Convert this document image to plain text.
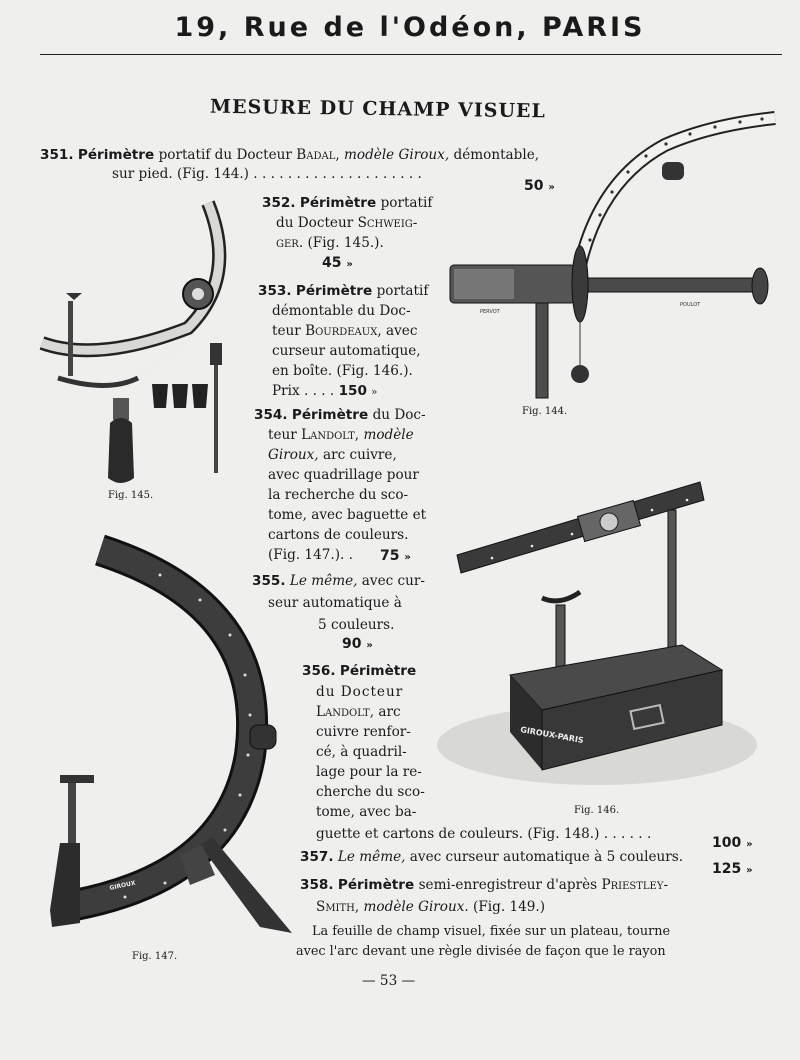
19, Rue de l'Odéon, PARIS
MESURE DU CHAMP VISUEL
351. Périmètre portatif du Docteur Badal, modèle Giroux, démontable,
sur pied. (Fig. 144.) . . . . . . . . . . . . . . . . . . . .
50 »
352. Périmètre portatif
du Docteur Schweig-
ger. (Fig. 145.).
45 »
353. Périmètre portatif
démontable du Doc-
teur Bourdeaux, avec
curseur automatique,
en boîte. (Fig. 146.).
Prix . . . . 150 »
354. Périmètre du Doc-
teur Landolt, modèle
Giroux, arc cuivre,
avec quadrillage pour
la recherche du sco-
tome, avec baguette et
cartons de couleurs.
(Fig. 147.). . 75 »
355. Le même, avec cur-
seur automatique à
5 couleurs.
90 »
356. Périmètre
du Docteur
Landolt, arc
cuivre renfor-
cé, à quadril-
lage pour la re-
cherche du sco-
tome, avec ba-
guette et cartons de couleurs. (Fig. 148.) . . . . . .
100 »
357. Le même, avec curseur automatique à 5 couleurs.
125 »
358. Périmètre semi-enregistreur d'après Priestley-
Smith, modèle Giroux. (Fig. 149.)
La feuille de champ visuel, fixée sur un plateau, tourne
avec l'arc devant une règle divisée de façon que le rayon
— 53 —
Fig. 144.
Fig. 145.
Fig. 146.
Fig. 147.
PERVOT
POULOT
GIROUX-PARIS
GIROUX-PARIS
GIROUX
